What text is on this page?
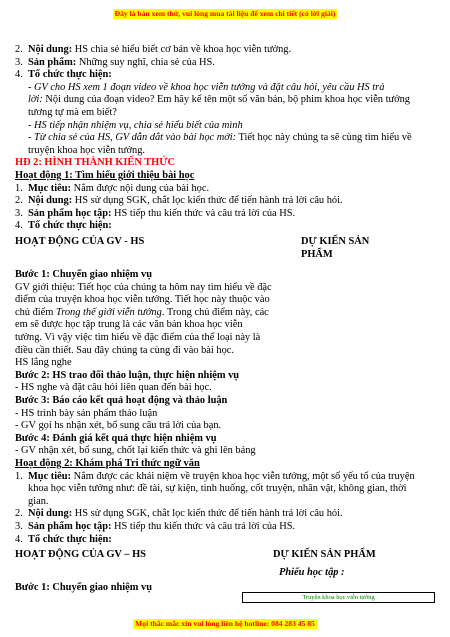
Đây là bản xem thử, vui lòng mua tài liệu để xem chi tiết (có lời giải)
2. Nội dung: HS chia sẻ hiểu biết cơ bản về khoa học viễn tưởng.
3. Sản phẩm: Những suy nghĩ, chia sẻ của HS.
4. Tổ chức thực hiện:
- GV cho HS xem 1 đoạn video về khoa học viễn tưởng và đặt câu hỏi, yêu cầu HS trả
lời: Nội dung của đoạn video? Em hãy kể tên một số văn bản, bộ phim khoa học viễn tưởng
tương tự mà em biết?
- HS tiếp nhận nhiệm vụ, chia sẻ hiểu biết của mình
- Từ chia sẻ của HS, GV dẫn dắt vào bài học mới: Tiết học này chúng ta sẽ cùng tìm hiểu về
truyện khoa học viễn tưởng.
HĐ 2: HÌNH THÀNH KIẾN THỨC
Hoạt động 1: Tìm hiểu giới thiệu bài học
1. Mục tiêu: Nắm được nội dung của bài học.
2. Nội dung: HS sử dụng SGK, chắt lọc kiến thức để tiến hành trả lời câu hỏi.
3. Sản phẩm học tập: HS tiếp thu kiến thức và câu trả lời của HS.
4. Tổ chức thực hiện:
HOẠT ĐỘNG CỦA GV - HS	DỰ KIẾN SẢN
PHẨM
Bước 1: Chuyển giao nhiệm vụ
GV giới thiệu: Tiết học của chúng ta hôm nay tìm hiểu về đặc
điểm của truyện khoa học viễn tưởng. Tiết học này thuộc vào
chủ điểm Trong thế giới viễn tưởng. Trong chủ điểm này, các
em sẽ được học tập trung là các văn bản khoa học viễn
tưởng. Vì vậy việc tìm hiểu về đặc điểm của thể loại này là
điều cần thiết. Sau đây chúng ta cùng đi vào bài học.
HS lắng nghe
Bước 2: HS trao đổi thảo luận, thực hiện nhiệm vụ
- HS nghe và đặt câu hỏi liên quan đến bài học.
Bước 3: Báo cáo kết quả hoạt động và thảo luận
- HS trình bày sản phẩm thảo luận
- GV gọi hs nhận xét, bổ sung câu trả lời của bạn.
Bước 4: Đánh giá kết quả thực hiện nhiệm vụ
- GV nhận xét, bổ sung, chốt lại kiến thức và ghi lên bảng
Hoạt động 2: Khám phá Tri thức ngữ văn
1. Mục tiêu: Nắm được các khái niệm về truyện khoa học viễn tưởng, một số yếu tố của truyện
khoa học viễn tưởng như: đề tài, sự kiện, tình huống, cốt truyện, nhân vật, không gian, thời
gian.
2. Nội dung: HS sử dụng SGK, chắt lọc kiến thức để tiến hành trả lời câu hỏi.
3. Sản phẩm học tập: HS tiếp thu kiến thức và câu trả lời của HS.
4. Tổ chức thực hiện:
HOẠT ĐỘNG CỦA GV – HS	DỰ KIẾN SẢN PHẨM
Phiếu học tập :
Bước 1: Chuyển giao nhiệm vụ
Truyện khoa học viễn tưởng
Mọi thắc mắc xin vui lòng liên hệ hotline: 084 283 45 85
